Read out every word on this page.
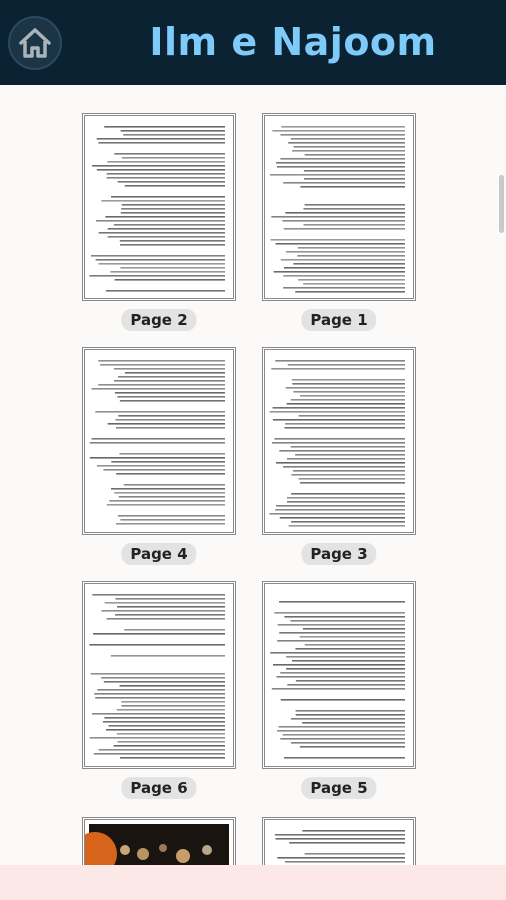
Ilm e Najoom
Page 2	Page 1
Page 4	Page 3
Page 6	Page 5
